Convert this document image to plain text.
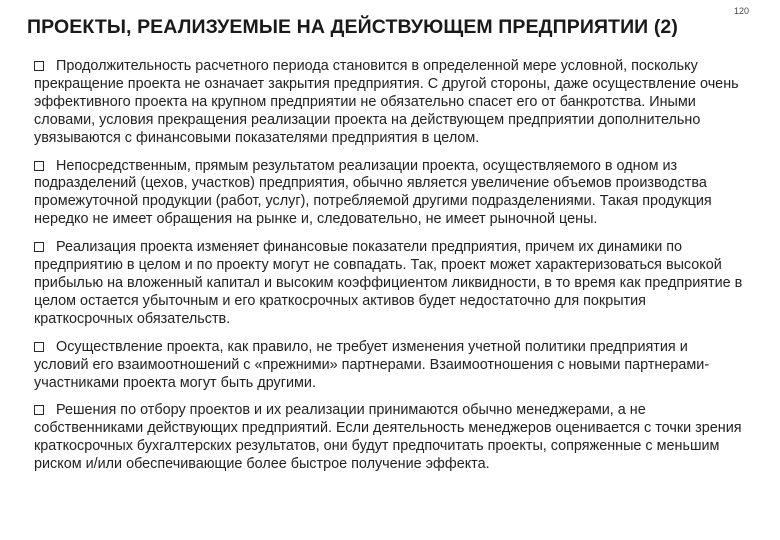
ПРОЕКТЫ, РЕАЛИЗУЕМЫЕ НА ДЕЙСТВУЮЩЕМ ПРЕДПРИЯТИИ (2)
120

Продолжительность расчетного периода становится в определенной мере условной, поскольку прекращение проекта не означает закрытия предприятия. С другой стороны, даже осуществление очень эффективного проекта на крупном предприятии не обязательно спасет его от банкротства. Иными словами, условия прекращения реализации проекта на действующем предприятии дополнительно увязываются с финансовыми показателями предприятия в целом.

Непосредственным, прямым результатом реализации проекта, осуществляемого в одном из подразделений (цехов, участков) предприятия, обычно является увеличение объемов производства промежуточной продукции (работ, услуг), потребляемой другими подразделениями. Такая продукция нередко не имеет обращения на рынке и, следовательно, не имеет рыночной цены.

Реализация проекта изменяет финансовые показатели предприятия, причем их динамики по предприятию в целом и по проекту могут не совпадать. Так, проект может характеризоваться высокой прибылью на вложенный капитал и высоким коэффициентом ликвидности, в то время как предприятие в целом остается убыточным и его краткосрочных активов будет недостаточно для покрытия краткосрочных обязательств.

Осуществление проекта, как правило, не требует изменения учетной политики предприятия и условий его взаимоотношений с «прежними» партнерами. Взаимоотношения с новыми партнерами-участниками проекта могут быть другими.

Решения по отбору проектов и их реализации принимаются обычно менеджерами, а не собственниками действующих предприятий. Если деятельность менеджеров оценивается с точки зрения краткосрочных бухгалтерских результатов, они будут предпочитать проекты, сопряженные с меньшим риском и/или обеспечивающие более быстрое получение эффекта.
